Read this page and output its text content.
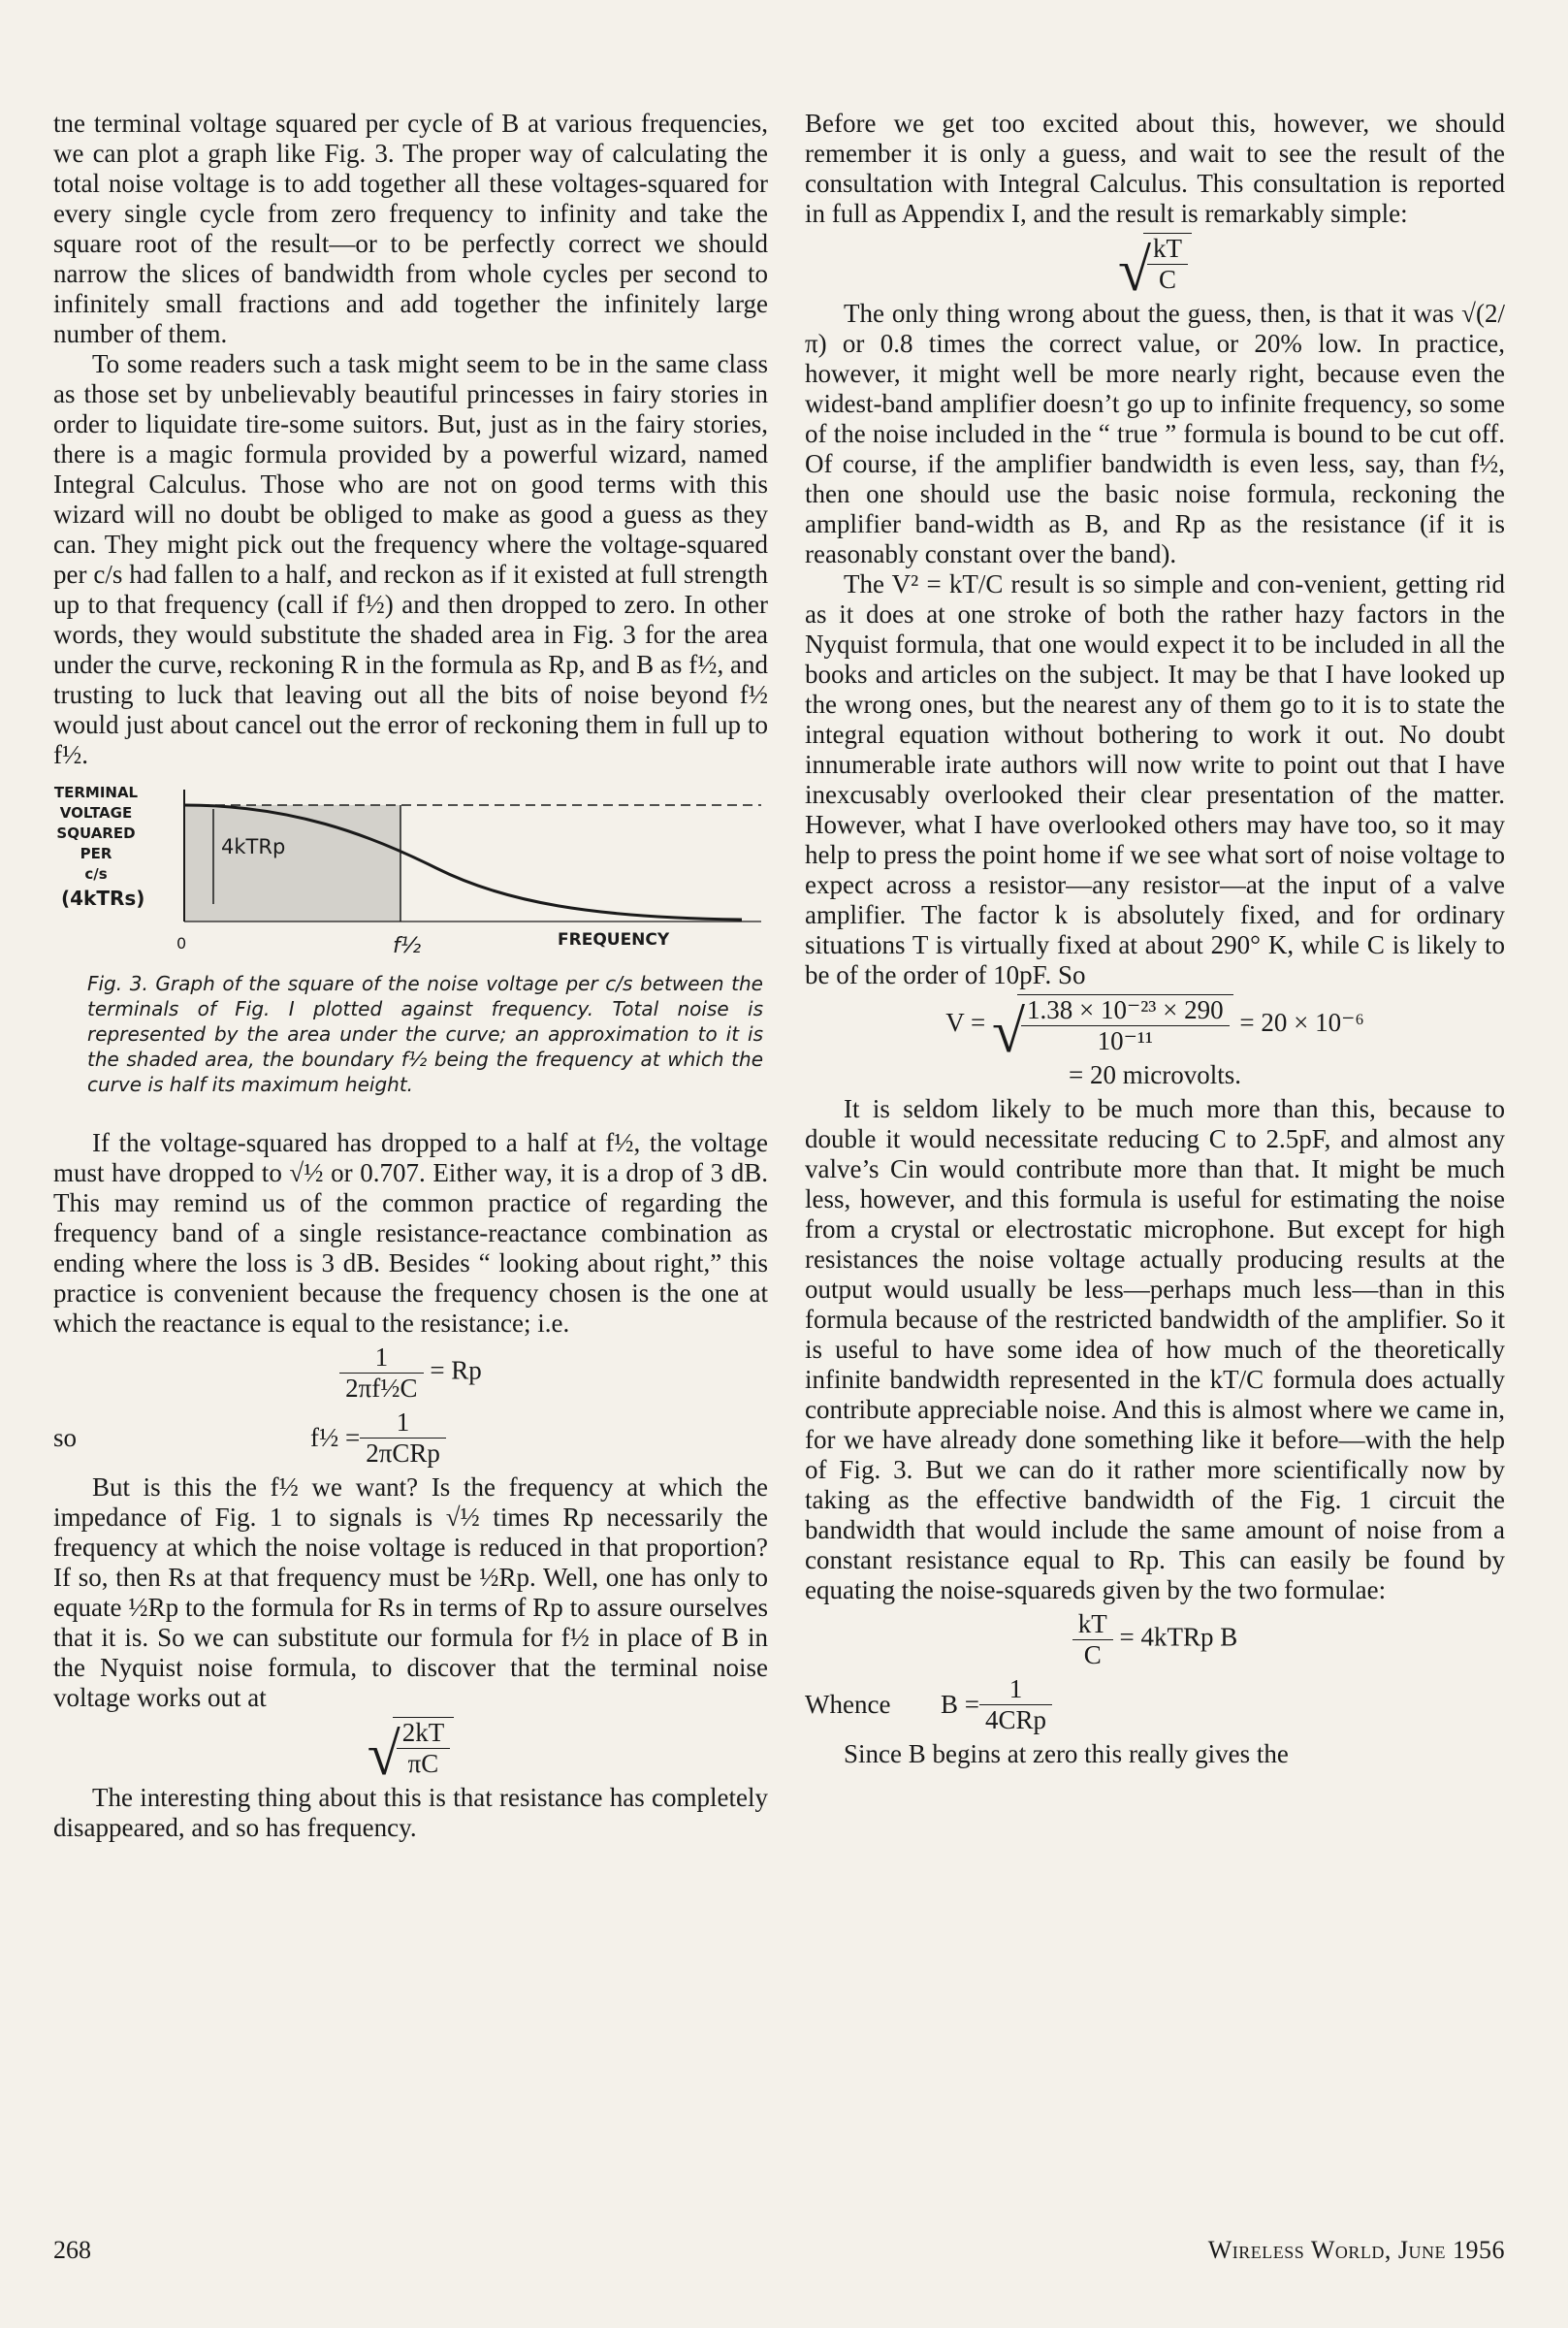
tne terminal voltage squared per cycle of B at various frequencies, we can plot a graph like Fig. 3. The proper way of calculating the total noise voltage is to add together all these voltages-squared for every single cycle from zero frequency to infinity and take the square root of the result—or to be perfectly correct we should narrow the slices of bandwidth from whole cycles per second to infinitely small fractions and add together the infinitely large number of them.

To some readers such a task might seem to be in the same class as those set by unbelievably beautiful princesses in fairy stories in order to liquidate tire-some suitors. But, just as in the fairy stories, there is a magic formula provided by a powerful wizard, named Integral Calculus. Those who are not on good terms with this wizard will no doubt be obliged to make as good a guess as they can. They might pick out the frequency where the voltage-squared per c/s had fallen to a half, and reckon as if it existed at full strength up to that frequency (call if f½) and then dropped to zero. In other words, they would substitute the shaded area in Fig. 3 for the area under the curve, reckoning R in the formula as Rp, and B as f½, and trusting to luck that leaving out all the bits of noise beyond f½ would just about cancel out the error of reckoning them in full up to f½.

TERMINAL
VOLTAGE
SQUARED
PER
c/s
(4kTRs)
4kTRp
0	f½	FREQUENCY
Fig. 3. Graph of the square of the noise voltage per c/s between the terminals of Fig. I plotted against frequency. Total noise is represented by the area under the curve; an approximation to it is the shaded area, the boundary f½ being the frequency at which the curve is half its maximum height.

If the voltage-squared has dropped to a half at f½, the voltage must have dropped to √½ or 0.707. Either way, it is a drop of 3 dB. This may remind us of the common practice of regarding the frequency band of a single resistance-reactance combination as ending where the loss is 3 dB. Besides “ looking about right,” this practice is convenient because the frequency chosen is the one at which the reactance is equal to the resistance; i.e.

$\frac{1}{\text{2πf½C}} = Rp$
so	f½ = $\frac{1}{\text{2πCRp}}$

But is this the f½ we want? Is the frequency at which the impedance of Fig. 1 to signals is √½ times Rp necessarily the frequency at which the noise voltage is reduced in that proportion? If so, then Rs at that frequency must be ½Rp. Well, one has only to equate ½Rp to the formula for Rs in terms of Rp to assure ourselves that it is. So we can substitute our formula for f½ in place of B in the Nyquist noise formula, to discover that the terminal noise voltage works out at

√
$\frac{2kT}{\pi C}$

The interesting thing about this is that resistance has completely disappeared, and so has frequency.

Before we get too excited about this, however, we should remember it is only a guess, and wait to see the result of the consultation with Integral Calculus. This consultation is reported in full as Appendix I, and the result is remarkably simple:

√
$\frac{kT}{C}$

The only thing wrong about the guess, then, is that it was √(2/π) or 0.8 times the correct value, or 20% low. In practice, however, it might well be more nearly right, because even the widest-band amplifier doesn’t go up to infinite frequency, so some of the noise included in the “ true ” formula is bound to be cut off. Of course, if the amplifier bandwidth is even less, say, than f½, then one should use the basic noise formula, reckoning the amplifier band-width as B, and Rp as the resistance (if it is reasonably constant over the band).

The V² = kT/C result is so simple and con-venient, getting rid as it does at one stroke of both the rather hazy factors in the Nyquist formula, that one would expect it to be included in all the books and articles on the subject. It may be that I have looked up the wrong ones, but the nearest any of them go to it is to state the integral equation without bothering to work it out. No doubt innumerable irate authors will now write to point out that I have inexcusably overlooked their clear presentation of the matter. However, what I have overlooked others may have too, so it may help to press the point home if we see what sort of noise voltage to expect across a resistor—any resistor—at the input of a valve amplifier. The factor k is absolutely fixed, and for ordinary situations T is virtually fixed at about 290° K, while C is likely to be of the order of 10pF. So

V = √
$\frac{\text{1.38 × 10⁻²³ × 290}}{\text{10⁻¹¹}} = 20 \times 10^{-6}$
= 20 microvolts.

It is seldom likely to be much more than this, because to double it would necessitate reducing C to 2.5pF, and almost any valve’s Cin would contribute more than that. It might be much less, however, and this formula is useful for estimating the noise from a crystal or electrostatic microphone. But except for high resistances the noise voltage actually producing results at the output would usually be less—perhaps much less—than in this formula because of the restricted bandwidth of the amplifier. So it is useful to have some idea of how much of the theoretically infinite bandwidth represented in the kT/C formula does actually contribute appreciable noise. And this is almost where we came in, for we have already done something like it before—with the help of Fig. 3. But we can do it rather more scientifically now by taking as the effective bandwidth of the Fig. 1 circuit the bandwidth that would include the same amount of noise from a constant resistance equal to Rp. This can easily be found by equating the noise-squareds given by the two formulae:

$\frac{kT}{C}$ = 4kTRp B
Whence	$B = \frac{1}{\text{4CRp}}$

Since B begins at zero this really gives the

268	Wireless World, June 1956
